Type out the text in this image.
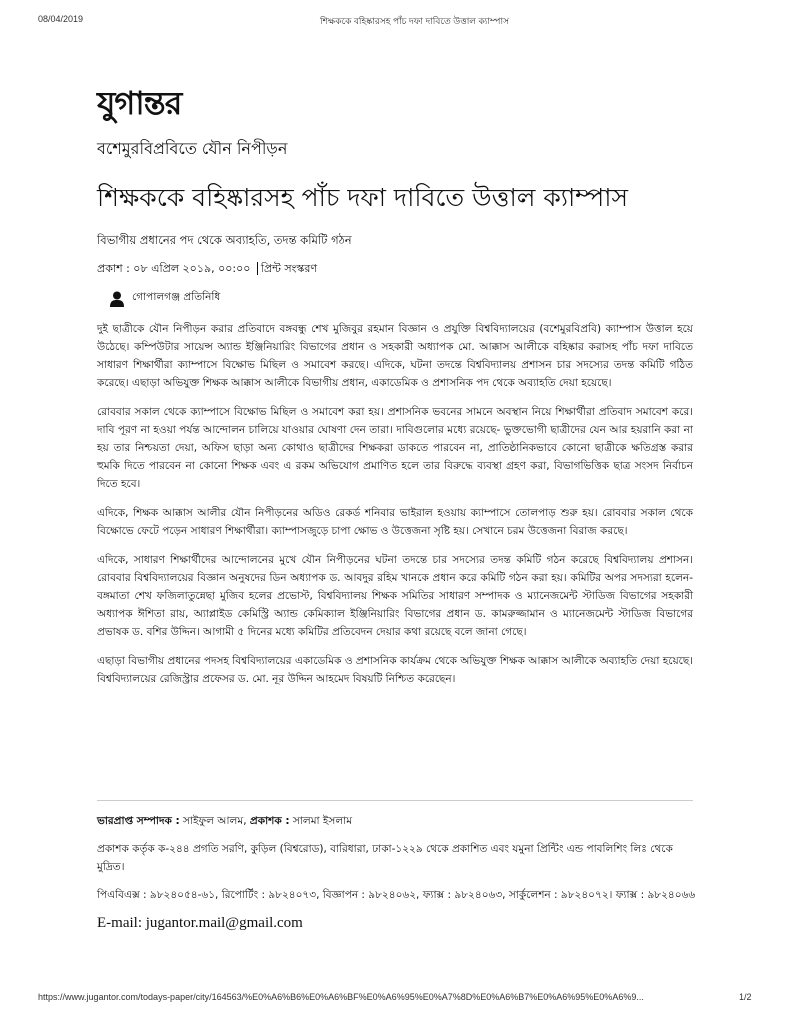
08/04/2019	শিক্ষককে বহিষ্কারসহ পাঁচ দফা দাবিতে উত্তাল ক্যাম্পাস
যুগান্তর
বশেমুরবিপ্রবিতে যৌন নিপীড়ন
শিক্ষককে বহিষ্কারসহ পাঁচ দফা দাবিতে উত্তাল ক্যাম্পাস
বিভাগীয় প্রধানের পদ থেকে অব্যাহতি, তদন্ত কমিটি গঠন
প্রকাশ : ০৮ এপ্রিল ২০১৯, ০০:০০ প্রিন্ট সংস্করণ
গোপালগঞ্জ প্রতিনিধি

দুই ছাত্রীকে যৌন নিপীড়ন করার প্রতিবাদে বঙ্গবন্ধু শেখ মুজিবুর রহমান বিজ্ঞান ও প্রযুক্তি বিশ্ববিদ্যালয়ের (বশেমুরবিপ্রবি) ক্যাম্পাস উত্তাল হয়ে উঠেছে। কম্পিউটার সায়েন্স অ্যান্ড ইঞ্জিনিয়ারিং বিভাগের প্রধান ও সহকারী অধ্যাপক মো. আক্কাস আলীকে বহিষ্কার করাসহ পাঁচ দফা দাবিতে সাধারণ শিক্ষার্থীরা ক্যাম্পাসে বিক্ষোভ মিছিল ও সমাবেশ করছে। এদিকে, ঘটনা তদন্তে বিশ্ববিদ্যালয় প্রশাসন চার সদস্যের তদন্ত কমিটি গঠিত করেছে। এছাড়া অভিযুক্ত শিক্ষক আক্কাস আলীকে বিভাগীয় প্রধান, একাডেমিক ও প্রশাসনিক পদ থেকে অব্যাহতি দেয়া হয়েছে।

রোববার সকাল থেকে ক্যাম্পাসে বিক্ষোভ মিছিল ও সমাবেশ করা হয়। প্রশাসনিক ভবনের সামনে অবস্থান নিয়ে শিক্ষার্থীরা প্রতিবাদ সমাবেশ করে। দাবি পূরণ না হওয়া পর্যন্ত আন্দোলন চালিয়ে যাওয়ার ঘোষণা দেন তারা। দাবিগুলোর মধ্যে রয়েছে- ভুক্তভোগী ছাত্রীদের যেন আর হয়রানি করা না হয় তার নিশ্চয়তা দেয়া, অফিস ছাড়া অন্য কোথাও ছাত্রীদের শিক্ষকরা ডাকতে পারবেন না, প্রাতিষ্ঠানিকভাবে কোনো ছাত্রীকে ক্ষতিগ্রস্ত করার হুমকি দিতে পারবেন না কোনো শিক্ষক এবং এ রকম অভিযোগ প্রমাণিত হলে তার বিরুদ্ধে ব্যবস্থা গ্রহণ করা, বিভাগভিত্তিক ছাত্র সংসদ নির্বাচন দিতে হবে।

এদিকে, শিক্ষক আক্কাস আলীর যৌন নিপীড়নের অডিও রেকর্ড শনিবার ভাইরাল হওয়ায় ক্যাম্পাসে তোলপাড় শুরু হয়। রোববার সকাল থেকে বিক্ষোভে ফেটে পড়েন সাধারণ শিক্ষার্থীরা। ক্যাম্পাসজুড়ে চাপা ক্ষোভ ও উত্তেজনা সৃষ্টি হয়। সেখানে চরম উত্তেজনা বিরাজ করছে।

এদিকে, সাধারণ শিক্ষার্থীদের আন্দোলনের মুখে যৌন নিপীড়নের ঘটনা তদন্তে চার সদস্যের তদন্ত কমিটি গঠন করেছে বিশ্ববিদ্যালয় প্রশাসন। রোববার বিশ্ববিদ্যালয়ের বিজ্ঞান অনুষদের ডিন অধ্যাপক ড. আবদুর রহিম খানকে প্রধান করে কমিটি গঠন করা হয়। কমিটির অপর সদস্যরা হলেন- বঙ্গমাতা শেখ ফজিলাতুন্নেছা মুজিব হলের প্রভোস্ট, বিশ্ববিদ্যালয় শিক্ষক সমিতির সাধারণ সম্পাদক ও ম্যানেজমেন্ট স্টাডিজ বিভাগের সহকারী অধ্যাপক ঈশিতা রায়, অ্যাপ্লাইড কেমিস্ট্রি অ্যান্ড কেমিক্যাল ইঞ্জিনিয়ারিং বিভাগের প্রধান ড. কামরুজ্জামান ও ম্যানেজমেন্ট স্টাডিজ বিভাগের প্রভাষক ড. বশির উদ্দিন। আগামী ৫ দিনের মধ্যে কমিটির প্রতিবেদন দেয়ার কথা রয়েছে বলে জানা গেছে।

এছাড়া বিভাগীয় প্রধানের পদসহ বিশ্ববিদ্যালয়ের একাডেমিক ও প্রশাসনিক কার্যক্রম থেকে অভিযুক্ত শিক্ষক আক্কাস আলীকে অব্যাহতি দেয়া হয়েছে। বিশ্ববিদ্যালয়ের রেজিস্ট্রার প্রফেসর ড. মো. নূর উদ্দিন আহমেদ বিষয়টি নিশ্চিত করেছেন।

ভারপ্রাপ্ত সম্পাদক : সাইফুল আলম, প্রকাশক : সালমা ইসলাম

প্রকাশক কর্তৃক ক-২৪৪ প্রগতি সরণি, কুড়িল (বিশ্বরোড), বারিধারা, ঢাকা-১২২৯ থেকে প্রকাশিত এবং যমুনা প্রিন্টিং এন্ড পাবলিশিং লিঃ থেকে মুদ্রিত।

পিএবিএক্স : ৯৮২৪০৫৪-৬১, রিপোর্টিং : ৯৮২৪০৭৩, বিজ্ঞাপন : ৯৮২৪০৬২, ফ্যাক্স : ৯৮২৪০৬৩, সার্কুলেশন : ৯৮২৪০৭২। ফ্যাক্স : ৯৮২৪০৬৬

E-mail: jugantor.mail@gmail.com

https://www.jugantor.com/todays-paper/city/164563/%E0%A6%B6%E0%A6%BF%E0%A6%95%E0%A7%8D%E0%A6%B7%E0%A6%95%E0%A6%9...	1/2
